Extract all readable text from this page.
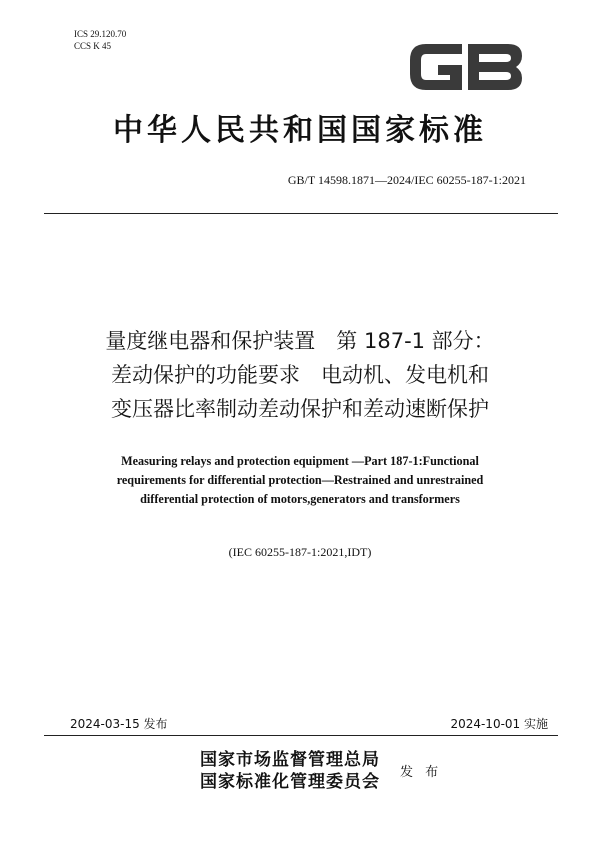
ICS 29.120.70
CCS K 45
中华人民共和国国家标准
GB/T 14598.1871—2024/IEC 60255-187-1:2021
量度继电器和保护装置　第 187-1 部分：
差动保护的功能要求　电动机、发电机和
变压器比率制动差动保护和差动速断保护
Measuring relays and protection equipment —Part 187-1:Functional
requirements for differential protection—Restrained and unrestrained
differential protection of motors,generators and transformers
(IEC 60255-187-1:2021,IDT)
2024-03-15 发布	2024-10-01 实施
国家市场监督管理总局
国家标准化管理委员会 发 布
